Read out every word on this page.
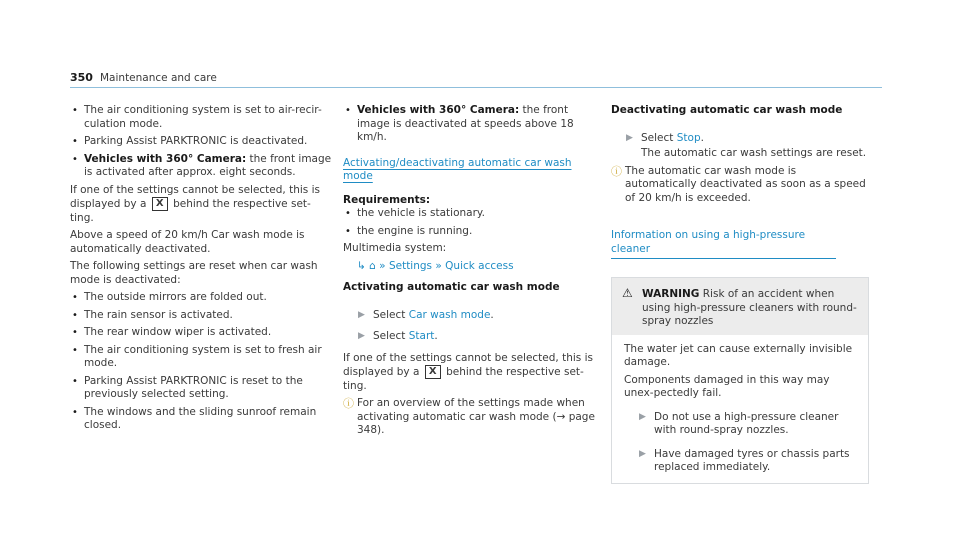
350 Maintenance and care
• The air conditioning system is set to air-recir-culation mode.
• Parking Assist PARKTRONIC is deactivated.
• Vehicles with 360° Camera: the front image is activated after approx. eight seconds.
If one of the settings cannot be selected, this is displayed by a X behind the respective set-ting.
Above a speed of 20 km/h Car wash mode is automatically deactivated.
The following settings are reset when car wash mode is deactivated:
• The outside mirrors are folded out.
• The rain sensor is activated.
• The rear window wiper is activated.
• The air conditioning system is set to fresh air mode.
• Parking Assist PARKTRONIC is reset to the previously selected setting.
• The windows and the sliding sunroof remain closed.
• Vehicles with 360° Camera: the front image is deactivated at speeds above 18 km/h.
Activating/deactivating automatic car wash mode
Requirements:
• the vehicle is stationary.
• the engine is running.
Multimedia system:
↳ ⌂ » Settings » Quick access
Activating automatic car wash mode
▶ Select Car wash mode.
▶ Select Start.
If one of the settings cannot be selected, this is displayed by a X behind the respective set-ting.
ⓘ For an overview of the settings made when activating automatic car wash mode (→ page 348).
Deactivating automatic car wash mode
▶ Select Stop.
The automatic car wash settings are reset.
ⓘ The automatic car wash mode is automatically deactivated as soon as a speed of 20 km/h is exceeded.
Information on using a high-pressure cleaner
⚠ WARNING Risk of an accident when using high-pressure cleaners with round-spray nozzles
The water jet can cause externally invisible damage.
Components damaged in this way may unex-pectedly fail.
▶ Do not use a high-pressure cleaner with round-spray nozzles.
▶ Have damaged tyres or chassis parts replaced immediately.
